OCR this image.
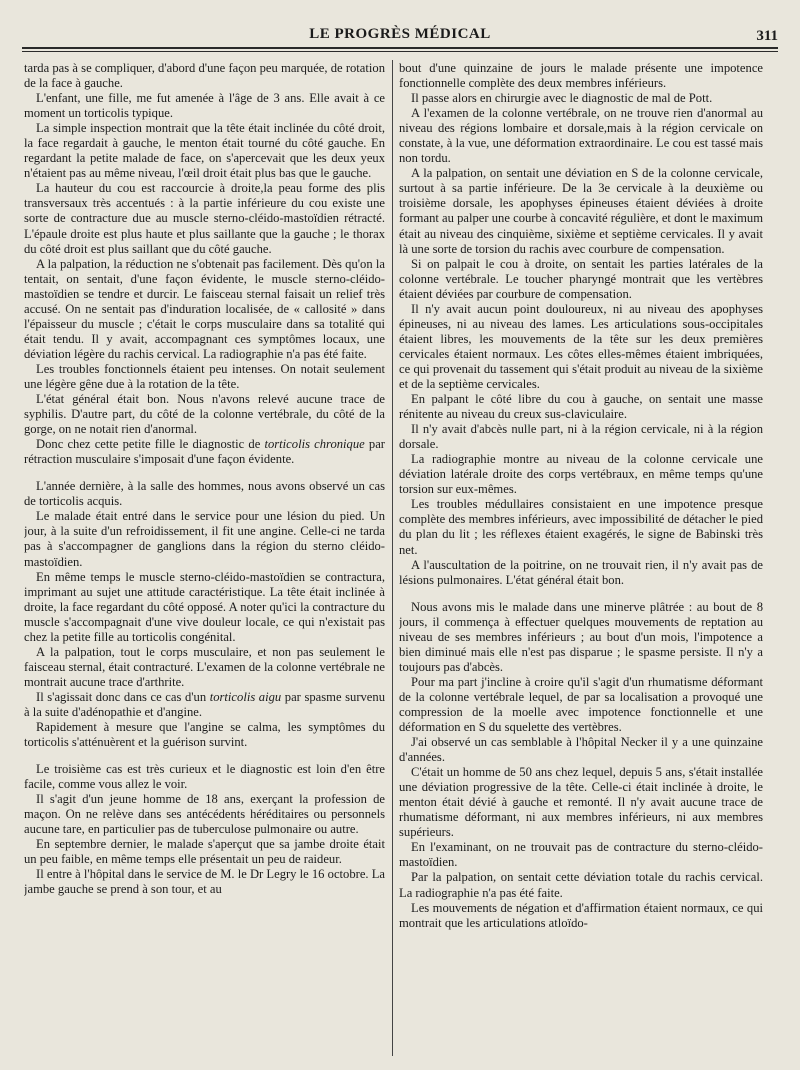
LE PROGRÈS MÉDICAL	311

tarda pas à se compliquer, d'abord d'une façon peu marquée, de rotation de la face à gauche.

L'enfant, une fille, me fut amenée à l'âge de 3 ans. Elle avait à ce moment un torticolis typique.

La simple inspection montrait que la tête était inclinée du côté droit, la face regardait à gauche, le menton était tourné du côté gauche. En regardant la petite malade de face, on s'apercevait que les deux yeux n'étaient pas au même niveau, l'œil droit était plus bas que le gauche.

La hauteur du cou est raccourcie à droite,la peau forme des plis transversaux très accentués : à la partie inférieure du cou existe une sorte de contracture due au muscle sterno-cléido-mastoïdien rétracté. L'épaule droite est plus haute et plus saillante que la gauche ; le thorax du côté droit est plus saillant que du côté gauche.

A la palpation, la réduction ne s'obtenait pas facilement. Dès qu'on la tentait, on sentait, d'une façon évidente, le muscle sterno-cléido-mastoïdien se tendre et durcir. Le faisceau sternal faisait un relief très accusé. On ne sentait pas d'induration localisée, de « callosité » dans l'épaisseur du muscle ; c'était le corps musculaire dans sa totalité qui était tendu. Il y avait, accompagnant ces symptômes locaux, une déviation légère du rachis cervical. La radiographie n'a pas été faite.

Les troubles fonctionnels étaient peu intenses. On notait seulement une légère gêne due à la rotation de la tête.

L'état général était bon. Nous n'avons relevé aucune trace de syphilis. D'autre part, du côté de la colonne vertébrale, du côté de la gorge, on ne notait rien d'anormal.

Donc chez cette petite fille le diagnostic de torticolis chronique par rétraction musculaire s'imposait d'une façon évidente.

L'année dernière, à la salle des hommes, nous avons observé un cas de torticolis acquis.

Le malade était entré dans le service pour une lésion du pied. Un jour, à la suite d'un refroidissement, il fit une angine. Celle-ci ne tarda pas à s'accompagner de ganglions dans la région du sterno cléido-mastoïdien.

En même temps le muscle sterno-cléido-mastoïdien se contractura, imprimant au sujet une attitude caractéristique. La tête était inclinée à droite, la face regardant du côté opposé. A noter qu'ici la contracture du muscle s'accompagnait d'une vive douleur locale, ce qui n'existait pas chez la petite fille au torticolis congénital.

A la palpation, tout le corps musculaire, et non pas seulement le faisceau sternal, était contracturé. L'examen de la colonne vertébrale ne montrait aucune trace d'arthrite.

Il s'agissait donc dans ce cas d'un torticolis aigu par spasme survenu à la suite d'adénopathie et d'angine.

Rapidement à mesure que l'angine se calma, les symptômes du torticolis s'atténuèrent et la guérison survint.

Le troisième cas est très curieux et le diagnostic est loin d'en être facile, comme vous allez le voir.

Il s'agit d'un jeune homme de 18 ans, exerçant la profession de maçon. On ne relève dans ses antécédents héréditaires ou personnels aucune tare, en particulier pas de tuberculose pulmonaire ou autre.

En septembre dernier, le malade s'aperçut que sa jambe droite était un peu faible, en même temps elle présentait un peu de raideur.

Il entre à l'hôpital dans le service de M. le Dr Legry le 16 octobre. La jambe gauche se prend à son tour, et au

bout d'une quinzaine de jours le malade présente une impotence fonctionnelle complète des deux membres inférieurs.

Il passe alors en chirurgie avec le diagnostic de mal de Pott.

A l'examen de la colonne vertébrale, on ne trouve rien d'anormal au niveau des régions lombaire et dorsale,mais à la région cervicale on constate, à la vue, une déformation extraordinaire. Le cou est tassé mais non tordu.

A la palpation, on sentait une déviation en S de la colonne cervicale, surtout à sa partie inférieure. De la 3e cervicale à la deuxième ou troisième dorsale, les apophyses épineuses étaient déviées à droite formant au palper une courbe à concavité régulière, et dont le maximum était au niveau des cinquième, sixième et septième cervicales. Il y avait là une sorte de torsion du rachis avec courbure de compensation.

Si on palpait le cou à droite, on sentait les parties latérales de la colonne vertébrale. Le toucher pharyngé montrait que les vertèbres étaient déviées par courbure de compensation.

Il n'y avait aucun point douloureux, ni au niveau des apophyses épineuses, ni au niveau des lames. Les articulations sous-occipitales étaient libres, les mouvements de la tête sur les deux premières cervicales étaient normaux. Les côtes elles-mêmes étaient imbriquées, ce qui provenait du tassement qui s'était produit au niveau de la sixième et de la septième cervicales.

En palpant le côté libre du cou à gauche, on sentait une masse rénitente au niveau du creux sus-claviculaire.

Il n'y avait d'abcès nulle part, ni à la région cervicale, ni à la région dorsale.

La radiographie montre au niveau de la colonne cervicale une déviation latérale droite des corps vertébraux, en même temps qu'une torsion sur eux-mêmes.

Les troubles médullaires consistaient en une impotence presque complète des membres inférieurs, avec impossibilité de détacher le pied du plan du lit ; les réflexes étaient exagérés, le signe de Babinski très net.

A l'auscultation de la poitrine, on ne trouvait rien, il n'y avait pas de lésions pulmonaires. L'état général était bon.

Nous avons mis le malade dans une minerve plâtrée : au bout de 8 jours, il commença à effectuer quelques mouvements de reptation au niveau de ses membres inférieurs ; au bout d'un mois, l'impotence a bien diminué mais elle n'est pas disparue ; le spasme persiste. Il n'y a toujours pas d'abcès.

Pour ma part j'incline à croire qu'il s'agit d'un rhumatisme déformant de la colonne vertébrale lequel, de par sa localisation a provoqué une compression de la moelle avec impotence fonctionnelle et une déformation en S du squelette des vertèbres.

J'ai observé un cas semblable à l'hôpital Necker il y a une quinzaine d'années.

C'était un homme de 50 ans chez lequel, depuis 5 ans, s'était installée une déviation progressive de la tête. Celle-ci était inclinée à droite, le menton était dévié à gauche et remonté. Il n'y avait aucune trace de rhumatisme déformant, ni aux membres inférieurs, ni aux membres supérieurs.

En l'examinant, on ne trouvait pas de contracture du sterno-cléido-mastoïdien.

Par la palpation, on sentait cette déviation totale du rachis cervical. La radiographie n'a pas été faite.

Les mouvements de négation et d'affirmation étaient normaux, ce qui montrait que les articulations atloïdo-
